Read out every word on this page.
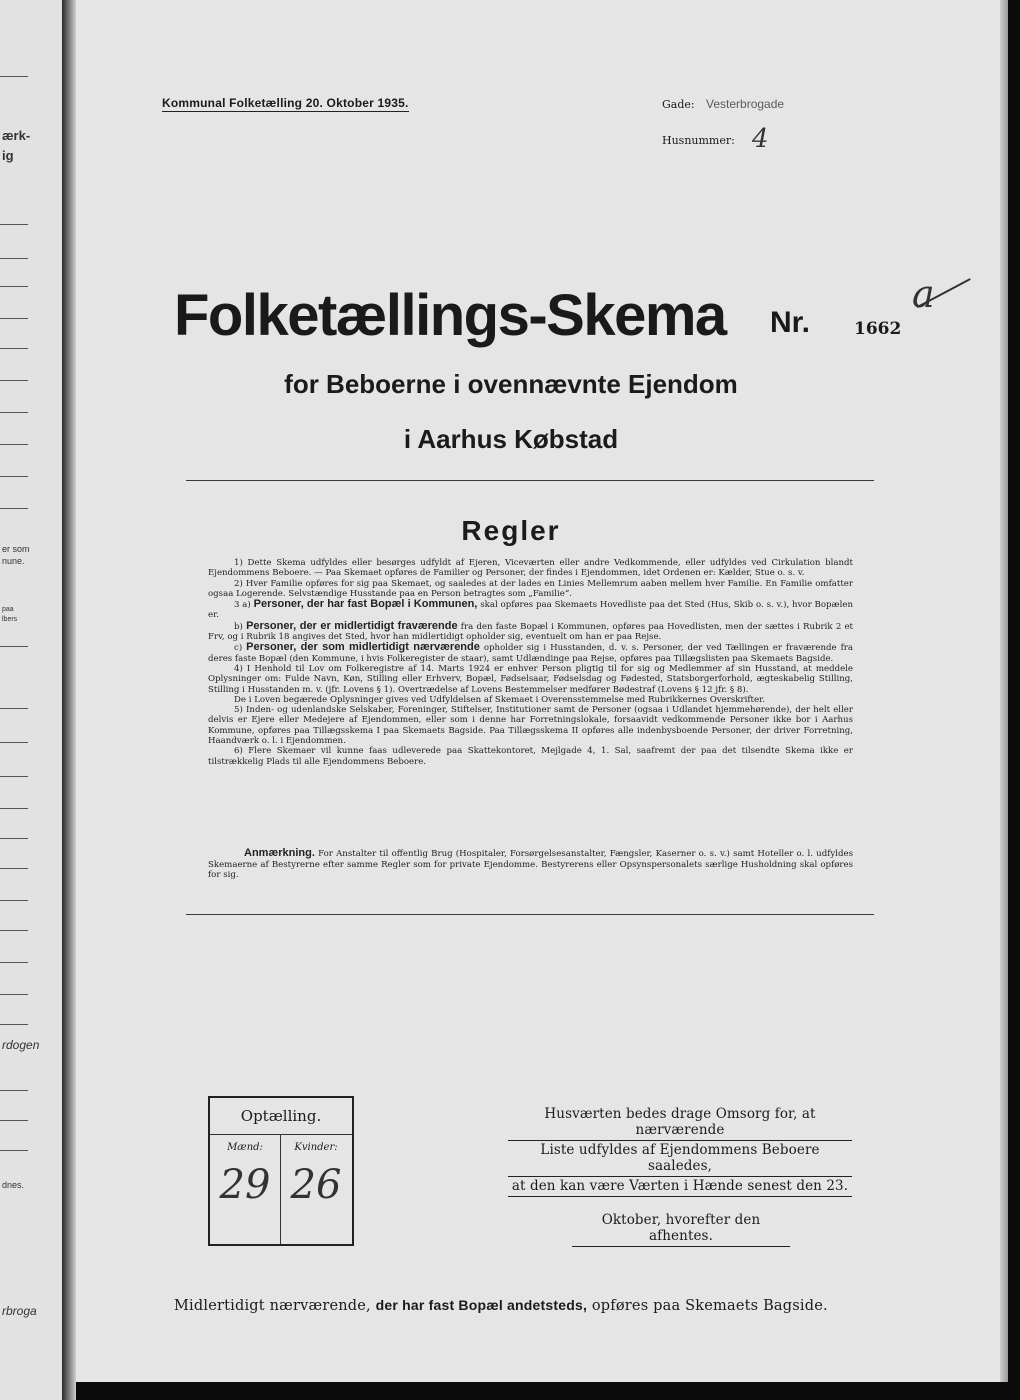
ærk-
ig
er som
nune.
paa
lbers
rdogen
dnes.
rbroga
Kommunal Folketælling 20. Oktober 1935.	Gade: Vesterbrogade
Husnummer: 4
Folketællings-Skema Nr.	1662
a
for Beboerne i ovennævnte Ejendom
i Aarhus Købstad
Regler

1) Dette Skema udfyldes eller besørges udfyldt af Ejeren, Viceværten eller andre Vedkommende, eller udfyldes ved Cirkulation blandt Ejendommens Beboere. — Paa Skemaet opføres de Familier og Personer, der findes i Ejendommen, idet Ordenen er: Kælder, Stue o. s. v.

2) Hver Familie opføres for sig paa Skemaet, og saaledes at der lades en Linies Mellemrum aaben mellem hver Familie. En Familie omfatter ogsaa Logerende. Selvstændige Husstande paa en Person betragtes som „Familie“.

3 a) Personer, der har fast Bopæl i Kommunen, skal opføres paa Skemaets Hovedliste paa det Sted (Hus, Skib o. s. v.), hvor Bopælen er.

b) Personer, der er midlertidigt fraværende fra den faste Bopæl i Kommunen, opføres paa Hovedlisten, men der sættes i Rubrik 2 et Frv, og i Rubrik 18 angives det Sted, hvor han midlertidigt opholder sig, eventuelt om han er paa Rejse.

c) Personer, der som midlertidigt nærværende opholder sig i Husstanden, d. v. s. Personer, der ved Tællingen er fraværende fra deres faste Bopæl (den Kommune, i hvis Folkeregister de staar), samt Udlændinge paa Rejse, opføres paa Tillægslisten paa Skemaets Bagside.

4) I Henhold til Lov om Folkeregistre af 14. Marts 1924 er enhver Person pligtig til for sig og Medlemmer af sin Husstand, at meddele Oplysninger om: Fulde Navn, Køn, Stilling eller Erhverv, Bopæl, Fødselsaar, Fødselsdag og Fødested, Statsborgerforhold, ægteskabelig Stilling, Stilling i Husstanden m. v. (jfr. Lovens § 1). Overtrædelse af Lovens Bestemmelser medfører Bødestraf (Lovens § 12 jfr. § 8).

De i Loven begærede Oplysninger gives ved Udfyldelsen af Skemaet i Overensstemmelse med Rubrikkernes Overskrifter.

5) Inden- og udenlandske Selskaber, Foreninger, Stiftelser, Institutioner samt de Personer (ogsaa i Udlandet hjemmehørende), der helt eller delvis er Ejere eller Medejere af Ejendommen, eller som i denne har Forretningslokale, forsaavidt vedkommende Personer ikke bor i Aarhus Kommune, opføres paa Tillægsskema I paa Skemaets Bagside. Paa Tillægsskema II opføres alle indenbysboende Personer, der driver Forretning, Haandværk o. l. i Ejendommen.

6) Flere Skemaer vil kunne faas udleverede paa Skattekontoret, Mejlgade 4, 1. Sal, saafremt der paa det tilsendte Skema ikke er tilstrækkelig Plads til alle Ejendommens Beboere.

Anmærkning. For Anstalter til offentlig Brug (Hospitaler, Forsørgelsesanstalter, Fængsler, Kaserner o. s. v.) samt Hoteller o. l. udfyldes Skemaerne af Bestyrerne efter samme Regler som for private Ejendomme. Bestyrerens eller Opsynspersonalets særlige Husholdning skal opføres for sig.
Optælling.
Mænd:	Kvinder:
29 26
Husværten bedes drage Omsorg for, at nærværende
Liste udfyldes af Ejendommens Beboere saaledes,
at den kan være Værten i Hænde senest den 23.
Oktober, hvorefter den afhentes.
Midlertidigt nærværende, der har fast Bopæl andetsteds, opføres paa Skemaets Bagside.
